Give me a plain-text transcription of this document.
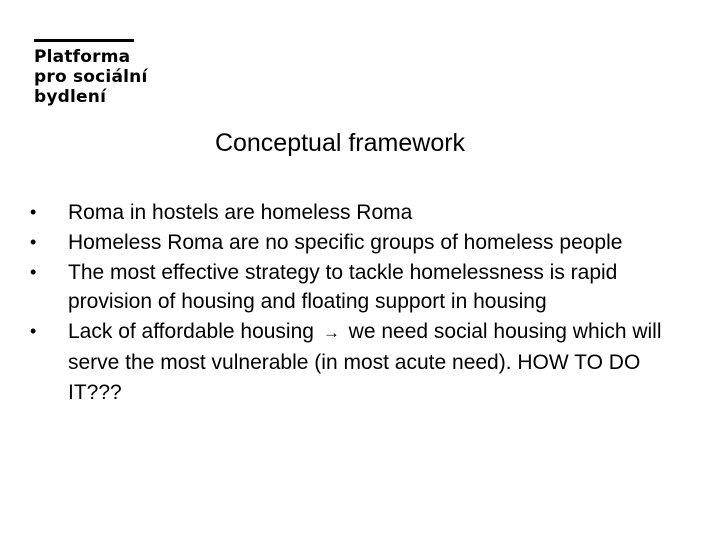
Platforma
pro sociální
bydlení
Conceptual framework
• Roma in hostels are homeless Roma
• Homeless Roma are no specific groups of homeless people
• The most effective strategy to tackle homelessness is rapid provision of housing and floating support in housing
• Lack of affordable housing → we need social housing which will serve the most vulnerable (in most acute need). HOW TO DO IT???
